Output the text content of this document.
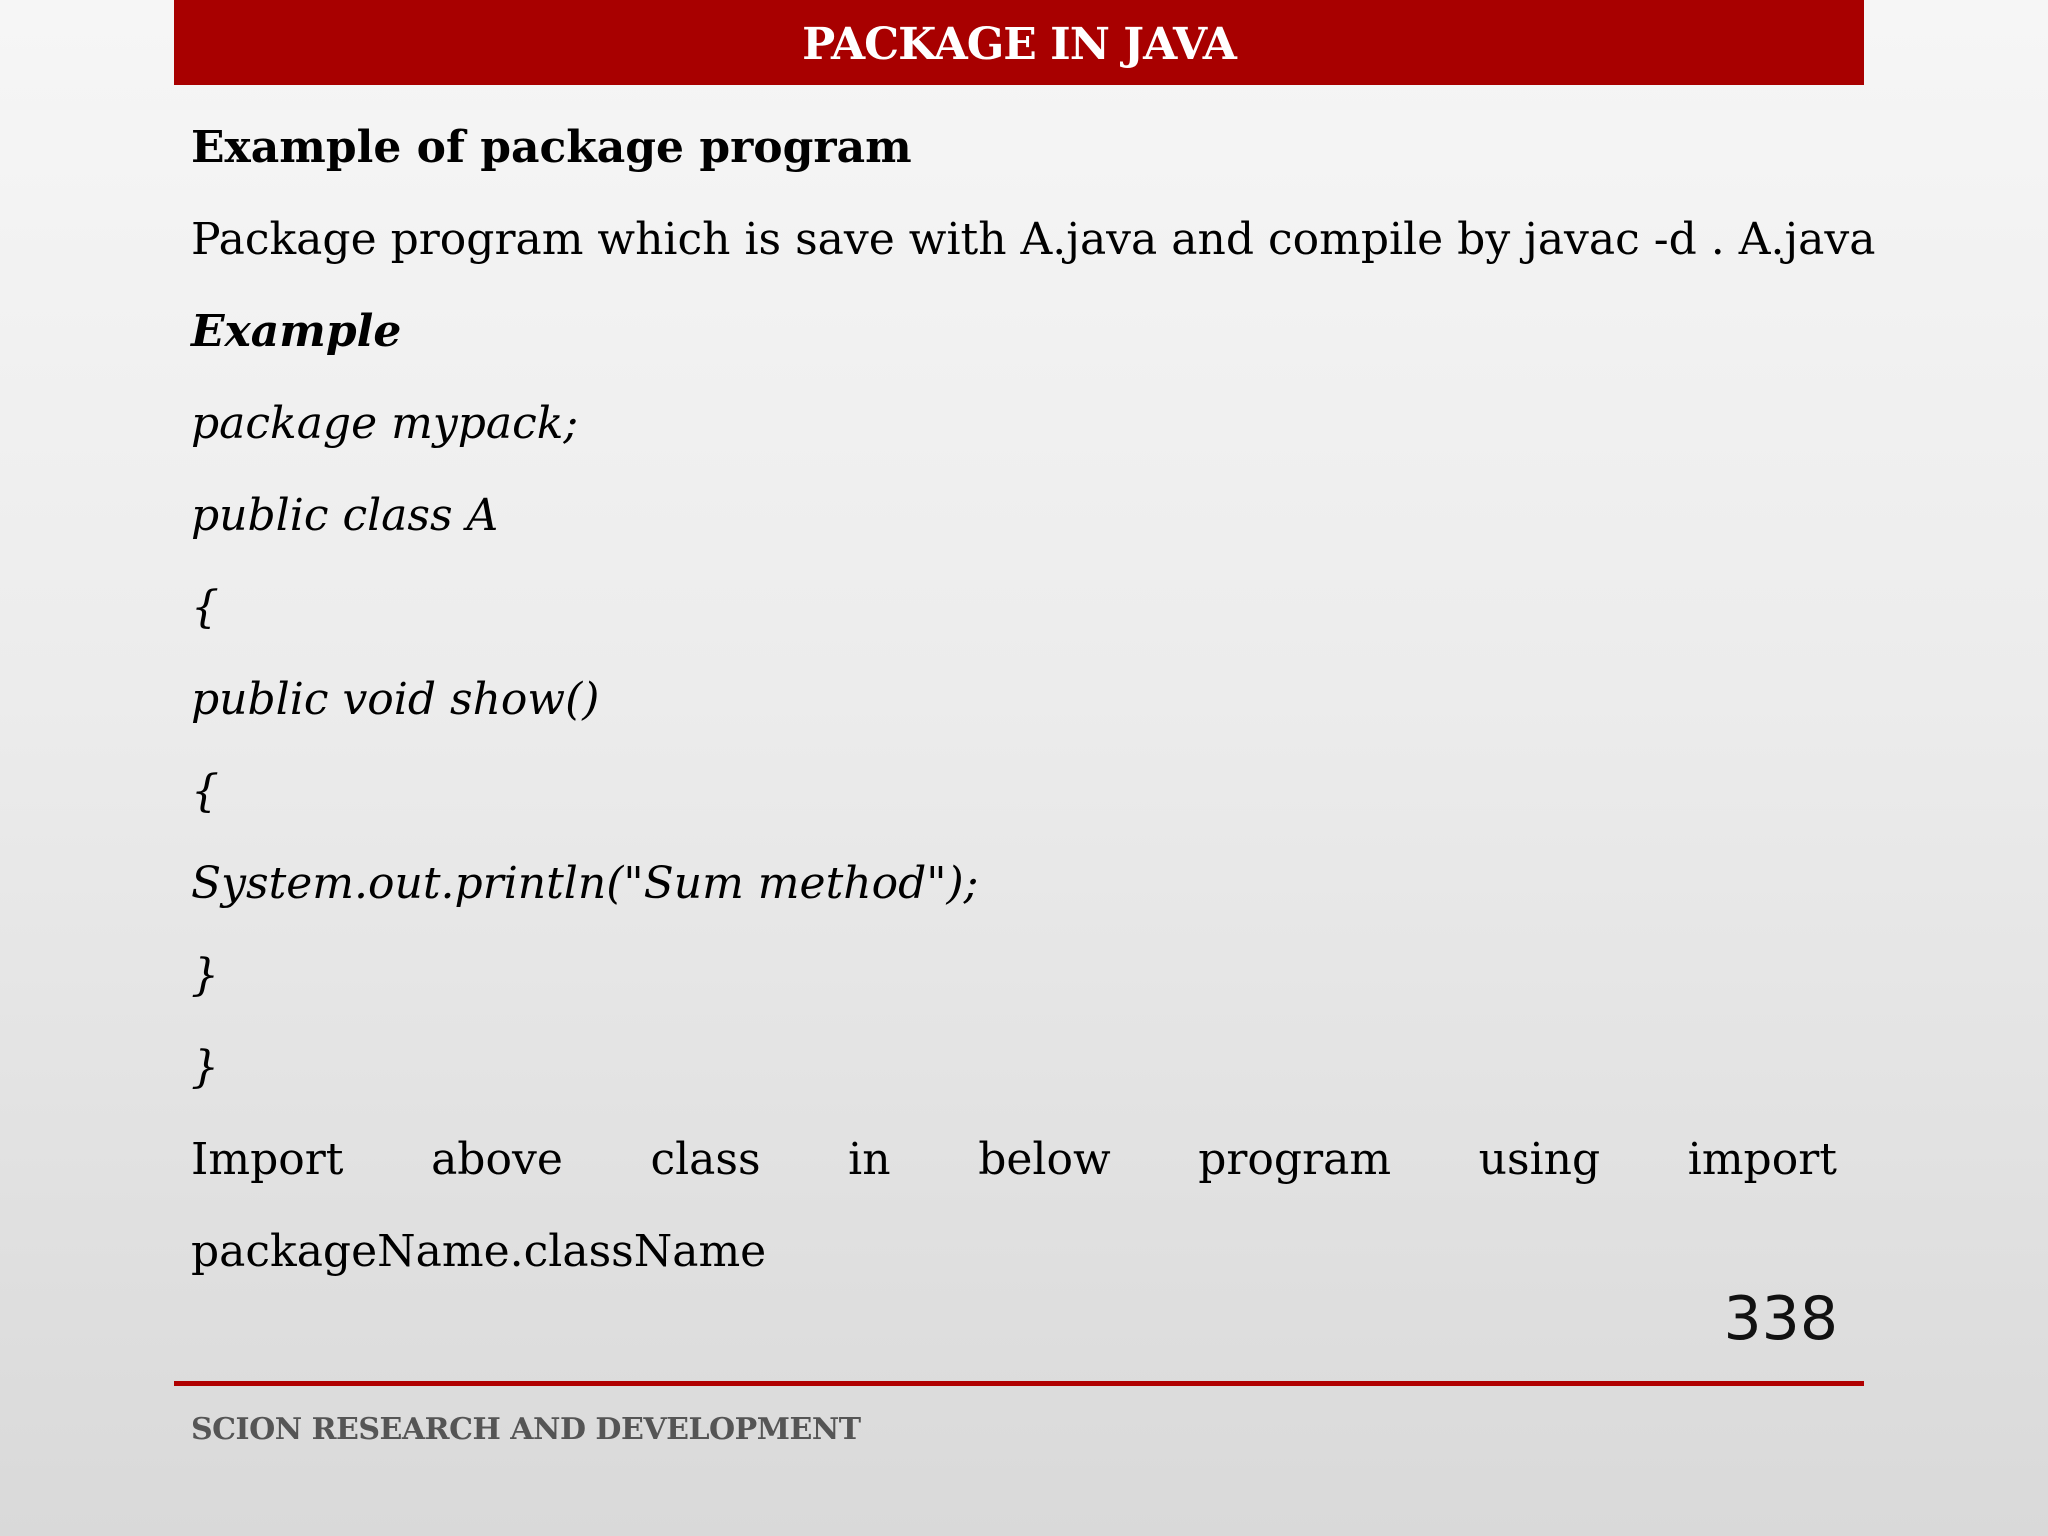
PACKAGE IN JAVA
Example of package program
Package program which is save with A.java and compile by javac -d . A.java
Example
package mypack;
public class A
{
public void show()
{
System.out.println("Sum method");
}
}
Import above class in below program using import
packageName.className
338
SCION RESEARCH AND DEVELOPMENT
